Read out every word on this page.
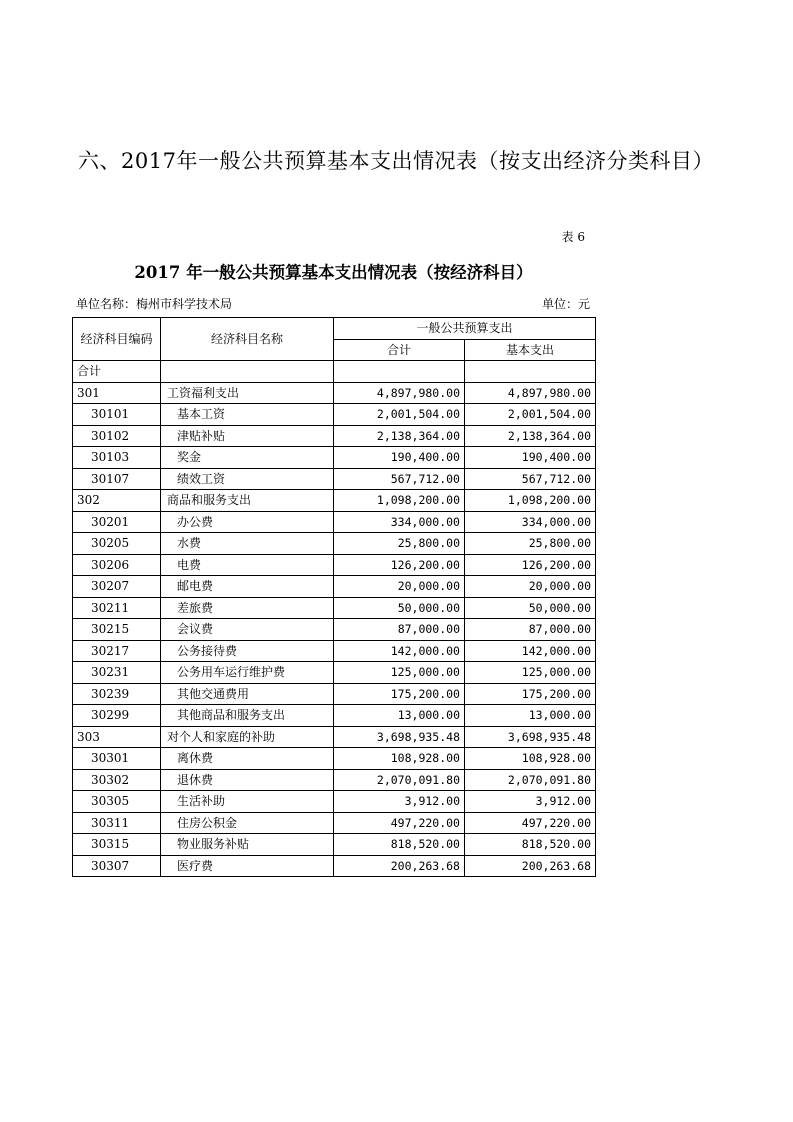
六、2017年一般公共预算基本支出情况表（按支出经济分类科目）
表 6
2017 年一般公共预算基本支出情况表（按经济科目）
单位名称：梅州市科学技术局	单位：元
经济科目编码	经济科目名称	一般公共预算支出	
		合计	基本支出
合计			
301	工资福利支出	4,897,980.00	4,897,980.00
30101	基本工资	2,001,504.00	2,001,504.00
30102	津贴补贴	2,138,364.00	2,138,364.00
30103	奖金	190,400.00	190,400.00
30107	绩效工资	567,712.00	567,712.00
302	商品和服务支出	1,098,200.00	1,098,200.00
30201	办公费	334,000.00	334,000.00
30205	水费	25,800.00	25,800.00
30206	电费	126,200.00	126,200.00
30207	邮电费	20,000.00	20,000.00
30211	差旅费	50,000.00	50,000.00
30215	会议费	87,000.00	87,000.00
30217	公务接待费	142,000.00	142,000.00
30231	公务用车运行维护费	125,000.00	125,000.00
30239	其他交通费用	175,200.00	175,200.00
30299	其他商品和服务支出	13,000.00	13,000.00
303	对个人和家庭的补助	3,698,935.48	3,698,935.48
30301	离休费	108,928.00	108,928.00
30302	退休费	2,070,091.80	2,070,091.80
30305	生活补助	3,912.00	3,912.00
30311	住房公积金	497,220.00	497,220.00
30315	物业服务补贴	818,520.00	818,520.00
30307	医疗费	200,263.68	200,263.68
